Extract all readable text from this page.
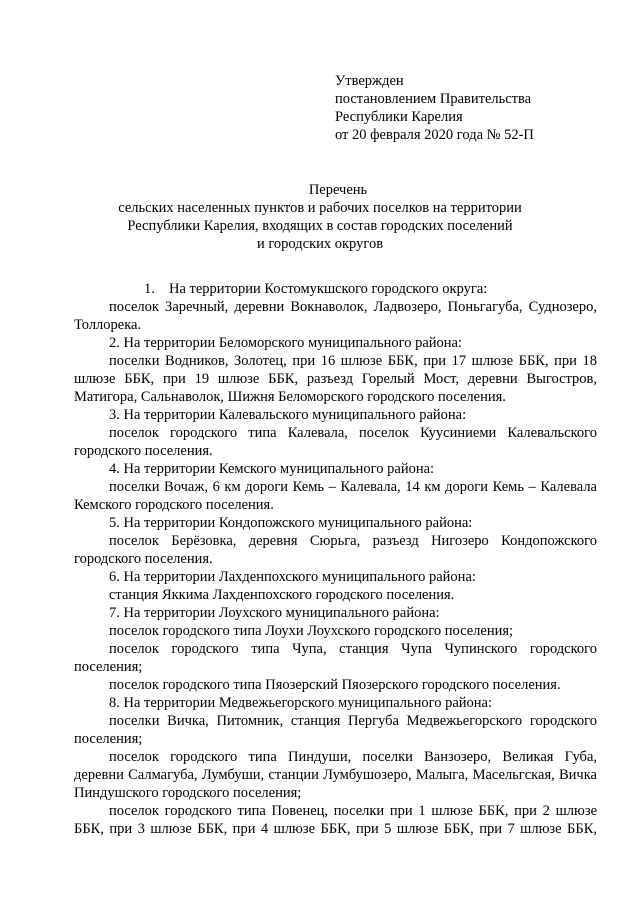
Утвержден
постановлением Правительства
Республики Карелия
от 20 февраля 2020 года № 52-П
Перечень
сельских населенных пунктов и рабочих поселков на территории
Республики Карелия, входящих в состав городских поселений
и городских округов

1. На территории Костомукшского городского округа:

поселок Заречный, деревни Вокнаволок, Ладвозеро, Поньгагуба, Суднозеро, Толлорека.

2. На территории Беломорского муниципального района:

поселки Водников, Золотец, при 16 шлюзе ББК, при 17 шлюзе ББК, при 18 шлюзе ББК, при 19 шлюзе ББК, разъезд Горелый Мост, деревни Выгостров, Матигора, Сальнаволок, Шижня Беломорского городского поселения.

3. На территории Калевальского муниципального района:

поселок городского типа Калевала, поселок Куусиниеми Калевальского городского поселения.

4. На территории Кемского муниципального района:

поселки Вочаж, 6 км дороги Кемь – Калевала, 14 км дороги Кемь – Калевала Кемского городского поселения.

5. На территории Кондопожского муниципального района:

поселок Берёзовка, деревня Сюрьга, разъезд Нигозеро Кондопожского городского поселения.

6. На территории Лахденпохского муниципального района:

станция Яккима Лахденпохского городского поселения.

7. На территории Лоухского муниципального района:

поселок городского типа Лоухи Лоухского городского поселения;

поселок городского типа Чупа, станция Чупа Чупинского городского поселения;

поселок городского типа Пяозерский Пяозерского городского поселения.

8. На территории Медвежьегорского муниципального района:

поселки Вичка, Питомник, станция Пергуба Медвежьегорского городского поселения;

поселок городского типа Пиндуши, поселки Ванзозеро, Великая Губа, деревни Салмагуба, Лумбуши, станции Лумбушозеро, Малыга, Масельгская, Вичка Пиндушского городского поселения;

поселок городского типа Повенец, поселки при 1 шлюзе ББК, при 2 шлюзе ББК, при 3 шлюзе ББК, при 4 шлюзе ББК, при 5 шлюзе ББК, при 7 шлюзе ББК,
